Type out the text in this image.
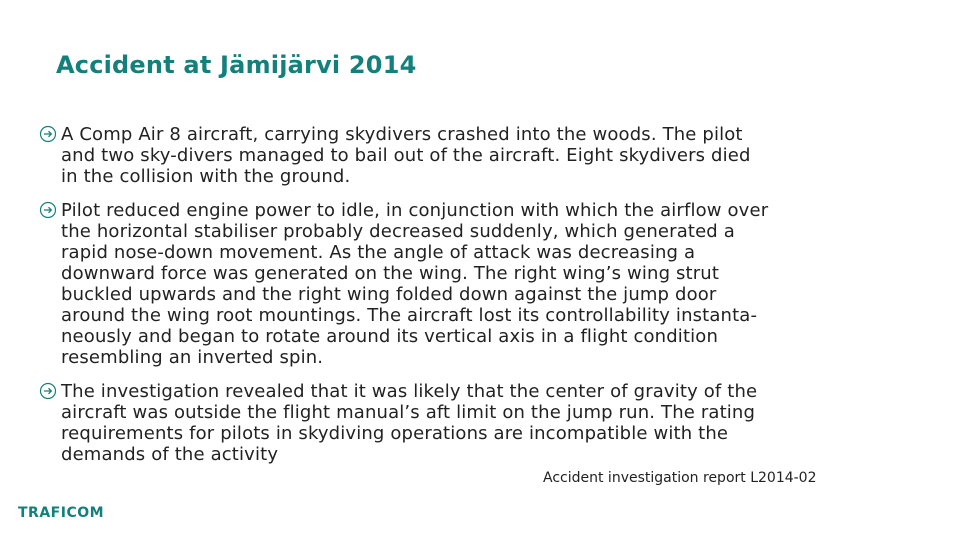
Accident at Jämijärvi 2014
A Comp Air 8 aircraft, carrying skydivers crashed into the woods. The pilot
and two sky-divers managed to bail out of the aircraft. Eight skydivers died
in the collision with the ground.
Pilot reduced engine power to idle, in conjunction with which the airflow over
the horizontal stabiliser probably decreased suddenly, which generated a
rapid nose-down movement. As the angle of attack was decreasing a
downward force was generated on the wing. The right wing’s wing strut
buckled upwards and the right wing folded down against the jump door
around the wing root mountings. The aircraft lost its controllability instanta-
neously and began to rotate around its vertical axis in a flight condition
resembling an inverted spin.
The investigation revealed that it was likely that the center of gravity of the
aircraft was outside the flight manual’s aft limit on the jump run. The rating
requirements for pilots in skydiving operations are incompatible with the
demands of the activity
Accident investigation report L2014-02
TRAFICOM
